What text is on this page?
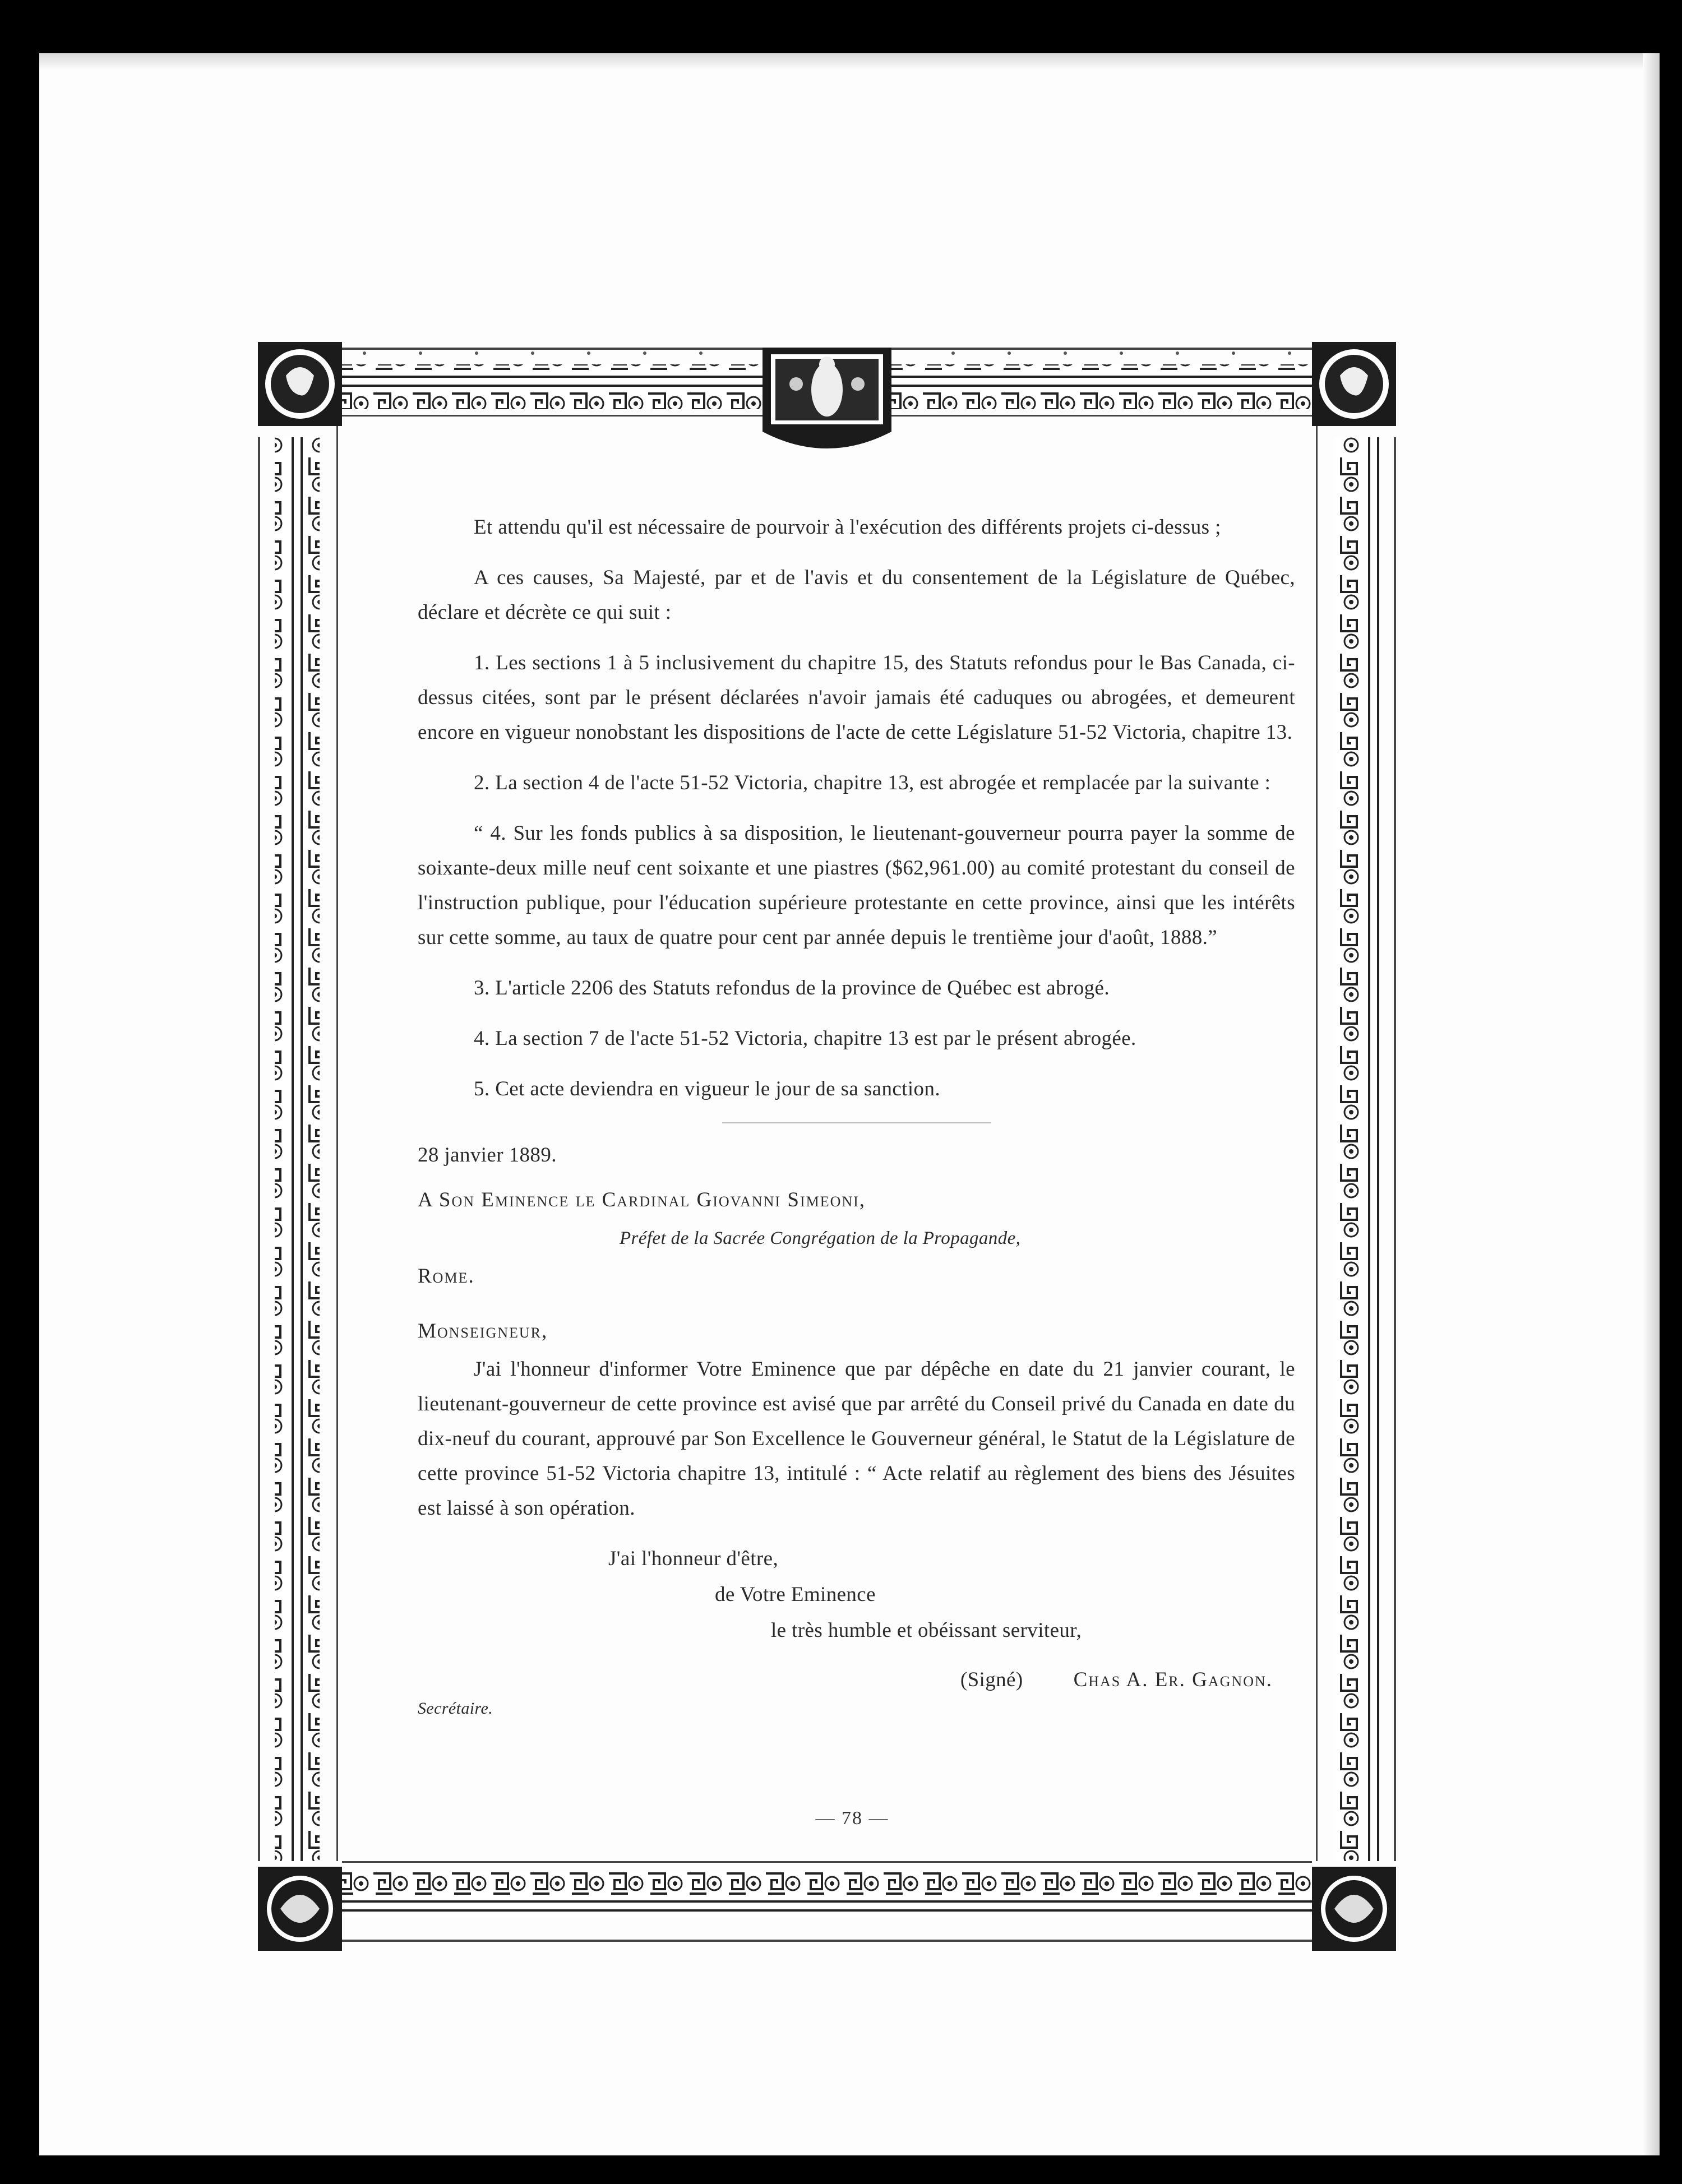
Et attendu qu'il est nécessaire de pourvoir à l'exécution des différents projets ci-dessus ;

A ces causes, Sa Majesté, par et de l'avis et du consentement de la Législature de Québec, déclare et décrète ce qui suit :

1. Les sections 1 à 5 inclusivement du chapitre 15, des Statuts refondus pour le Bas Canada, ci-dessus citées, sont par le présent déclarées n'avoir jamais été caduques ou abrogées, et demeurent encore en vigueur nonobstant les dispositions de l'acte de cette Législature 51-52 Victoria, chapitre 13.

2. La section 4 de l'acte 51-52 Victoria, chapitre 13, est abrogée et remplacée par la suivante :

“ 4. Sur les fonds publics à sa disposition, le lieutenant-gouverneur pourra payer la somme de soixante-deux mille neuf cent soixante et une piastres ($62,961.00) au comité protestant du conseil de l'instruction publique, pour l'éducation supérieure protestante en cette province, ainsi que les intérêts sur cette somme, au taux de quatre pour cent par année depuis le trentième jour d'août, 1888.”

3. L'article 2206 des Statuts refondus de la province de Québec est abrogé.

4. La section 7 de l'acte 51-52 Victoria, chapitre 13 est par le présent abrogée.

5. Cet acte deviendra en vigueur le jour de sa sanction.

28 janvier 1889.

A Son Eminence le Cardinal Giovanni Simeoni,

Préfet de la Sacrée Congrégation de la Propagande,

Rome.

Monseigneur,

J'ai l'honneur d'informer Votre Eminence que par dépêche en date du 21 janvier courant, le lieutenant-gouverneur de cette province est avisé que par arrêté du Conseil privé du Canada en date du dix-neuf du courant, approuvé par Son Excellence le Gouverneur général, le Statut de la Législature de cette province 51-52 Victoria chapitre 13, intitulé : “ Acte relatif au règlement des biens des Jésuites est laissé à son opération.

J'ai l'honneur d'être,

de Votre Eminence

le très humble et obéissant serviteur,

(Signé) Chas A. Er. Gagnon.

Secrétaire.

— 78 —
